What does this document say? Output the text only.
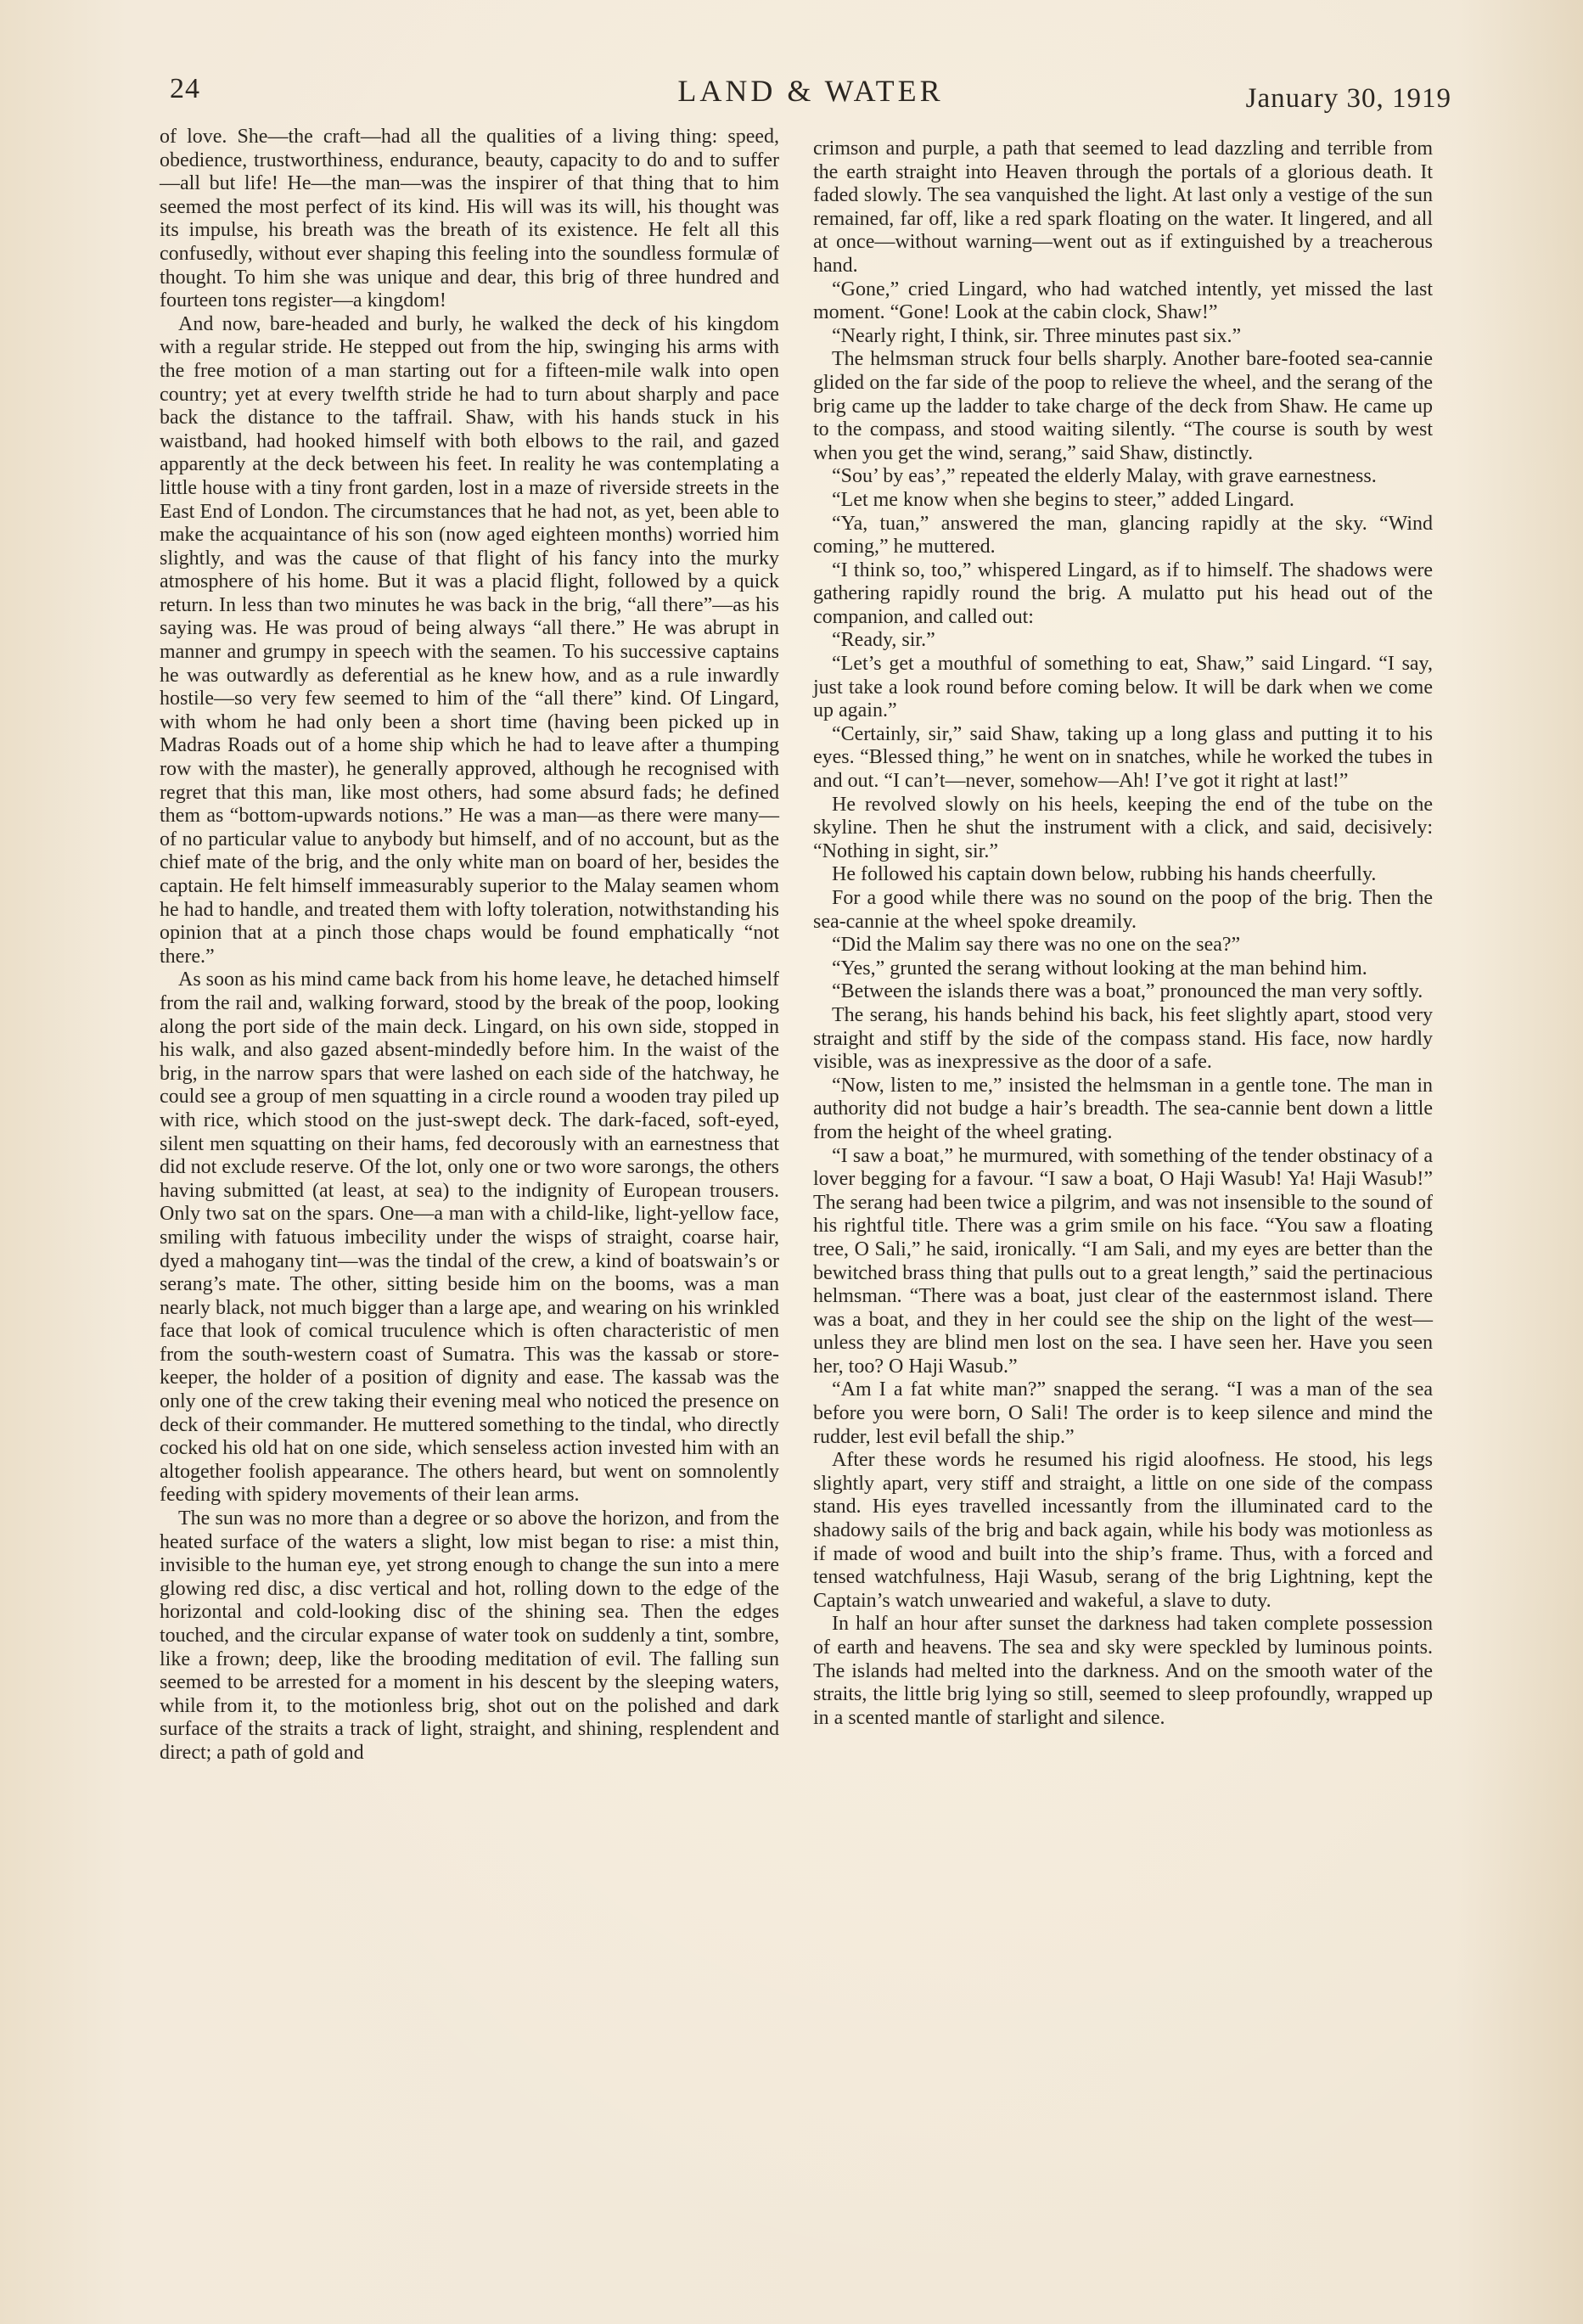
24	LAND & WATER	January 30, 1919

of love. She—the craft—had all the qualities of a living thing: speed, obedience, trustworthiness, endurance, beauty, capacity to do and to suffer—all but life! He—the man—was the inspirer of that thing that to him seemed the most perfect of its kind. His will was its will, his thought was its impulse, his breath was the breath of its existence. He felt all this confusedly, without ever shaping this feeling into the soundless formulæ of thought. To him she was unique and dear, this brig of three hundred and fourteen tons register—a kingdom!

And now, bare-headed and burly, he walked the deck of his kingdom with a regular stride. He stepped out from the hip, swinging his arms with the free motion of a man starting out for a fifteen-mile walk into open country; yet at every twelfth stride he had to turn about sharply and pace back the distance to the taffrail. Shaw, with his hands stuck in his waistband, had hooked himself with both elbows to the rail, and gazed apparently at the deck between his feet. In reality he was contemplating a little house with a tiny front garden, lost in a maze of riverside streets in the East End of London. The circumstances that he had not, as yet, been able to make the acquaintance of his son (now aged eighteen months) worried him slightly, and was the cause of that flight of his fancy into the murky atmosphere of his home. But it was a placid flight, followed by a quick return. In less than two minutes he was back in the brig, “all there”—as his saying was. He was proud of being always “all there.” He was abrupt in manner and grumpy in speech with the seamen. To his successive captains he was outwardly as deferential as he knew how, and as a rule inwardly hostile—so very few seemed to him of the “all there” kind. Of Lingard, with whom he had only been a short time (having been picked up in Madras Roads out of a home ship which he had to leave after a thumping row with the master), he generally approved, although he recognised with regret that this man, like most others, had some absurd fads; he defined them as “bottom-upwards notions.” He was a man—as there were many—of no particular value to anybody but himself, and of no account, but as the chief mate of the brig, and the only white man on board of her, besides the captain. He felt himself immeasurably superior to the Malay seamen whom he had to handle, and treated them with lofty toleration, notwithstanding his opinion that at a pinch those chaps would be found emphatically “not there.”

As soon as his mind came back from his home leave, he detached himself from the rail and, walking forward, stood by the break of the poop, looking along the port side of the main deck. Lingard, on his own side, stopped in his walk, and also gazed absent-mindedly before him. In the waist of the brig, in the narrow spars that were lashed on each side of the hatchway, he could see a group of men squatting in a circle round a wooden tray piled up with rice, which stood on the just-swept deck. The dark-faced, soft-eyed, silent men squatting on their hams, fed decorously with an earnestness that did not exclude reserve. Of the lot, only one or two wore sarongs, the others having submitted (at least, at sea) to the indignity of European trousers. Only two sat on the spars. One—a man with a child-like, light-yellow face, smiling with fatuous imbecility under the wisps of straight, coarse hair, dyed a mahogany tint—was the tindal of the crew, a kind of boatswain’s or serang’s mate. The other, sitting beside him on the booms, was a man nearly black, not much bigger than a large ape, and wearing on his wrinkled face that look of comical truculence which is often characteristic of men from the south-western coast of Sumatra. This was the kassab or store-keeper, the holder of a position of dignity and ease. The kassab was the only one of the crew taking their evening meal who noticed the presence on deck of their commander. He muttered something to the tindal, who directly cocked his old hat on one side, which senseless action invested him with an altogether foolish appearance. The others heard, but went on somnolently feeding with spidery movements of their lean arms.

The sun was no more than a degree or so above the horizon, and from the heated surface of the waters a slight, low mist began to rise: a mist thin, invisible to the human eye, yet strong enough to change the sun into a mere glowing red disc, a disc vertical and hot, rolling down to the edge of the horizontal and cold-looking disc of the shining sea. Then the edges touched, and the circular expanse of water took on suddenly a tint, sombre, like a frown; deep, like the brooding meditation of evil. The falling sun seemed to be arrested for a moment in his descent by the sleeping waters, while from it, to the motionless brig, shot out on the polished and dark surface of the straits a track of light, straight, and shining, resplendent and direct; a path of gold and

crimson and purple, a path that seemed to lead dazzling and terrible from the earth straight into Heaven through the portals of a glorious death. It faded slowly. The sea vanquished the light. At last only a vestige of the sun remained, far off, like a red spark floating on the water. It lingered, and all at once—without warning—went out as if extinguished by a treacherous hand.

“Gone,” cried Lingard, who had watched intently, yet missed the last moment. “Gone! Look at the cabin clock, Shaw!”

“Nearly right, I think, sir. Three minutes past six.”

The helmsman struck four bells sharply. Another bare-footed sea-cannie glided on the far side of the poop to relieve the wheel, and the serang of the brig came up the ladder to take charge of the deck from Shaw. He came up to the compass, and stood waiting silently. “The course is south by west when you get the wind, serang,” said Shaw, distinctly.

“Sou’ by eas’,” repeated the elderly Malay, with grave earnestness.

“Let me know when she begins to steer,” added Lingard.

“Ya, tuan,” answered the man, glancing rapidly at the sky. “Wind coming,” he muttered.

“I think so, too,” whispered Lingard, as if to himself. The shadows were gathering rapidly round the brig. A mulatto put his head out of the companion, and called out:

“Ready, sir.”

“Let’s get a mouthful of something to eat, Shaw,” said Lingard. “I say, just take a look round before coming below. It will be dark when we come up again.”

“Certainly, sir,” said Shaw, taking up a long glass and putting it to his eyes. “Blessed thing,” he went on in snatches, while he worked the tubes in and out. “I can’t—never, somehow—Ah! I’ve got it right at last!”

He revolved slowly on his heels, keeping the end of the tube on the skyline. Then he shut the instrument with a click, and said, decisively: “Nothing in sight, sir.”

He followed his captain down below, rubbing his hands cheerfully.

For a good while there was no sound on the poop of the brig. Then the sea-cannie at the wheel spoke dreamily.

“Did the Malim say there was no one on the sea?”

“Yes,” grunted the serang without looking at the man behind him.

“Between the islands there was a boat,” pronounced the man very softly.

The serang, his hands behind his back, his feet slightly apart, stood very straight and stiff by the side of the compass stand. His face, now hardly visible, was as inexpressive as the door of a safe.

“Now, listen to me,” insisted the helmsman in a gentle tone. The man in authority did not budge a hair’s breadth. The sea-cannie bent down a little from the height of the wheel grating.

“I saw a boat,” he murmured, with something of the tender obstinacy of a lover begging for a favour. “I saw a boat, O Haji Wasub! Ya! Haji Wasub!” The serang had been twice a pilgrim, and was not insensible to the sound of his rightful title. There was a grim smile on his face. “You saw a floating tree, O Sali,” he said, ironically. “I am Sali, and my eyes are better than the bewitched brass thing that pulls out to a great length,” said the pertinacious helmsman. “There was a boat, just clear of the easternmost island. There was a boat, and they in her could see the ship on the light of the west—unless they are blind men lost on the sea. I have seen her. Have you seen her, too? O Haji Wasub.”

“Am I a fat white man?” snapped the serang. “I was a man of the sea before you were born, O Sali! The order is to keep silence and mind the rudder, lest evil befall the ship.”

After these words he resumed his rigid aloofness. He stood, his legs slightly apart, very stiff and straight, a little on one side of the compass stand. His eyes travelled incessantly from the illuminated card to the shadowy sails of the brig and back again, while his body was motionless as if made of wood and built into the ship’s frame. Thus, with a forced and tensed watchfulness, Haji Wasub, serang of the brig Lightning, kept the Captain’s watch unwearied and wakeful, a slave to duty.

In half an hour after sunset the darkness had taken complete possession of earth and heavens. The sea and sky were speckled by luminous points. The islands had melted into the darkness. And on the smooth water of the straits, the little brig lying so still, seemed to sleep profoundly, wrapped up in a scented mantle of starlight and silence.
